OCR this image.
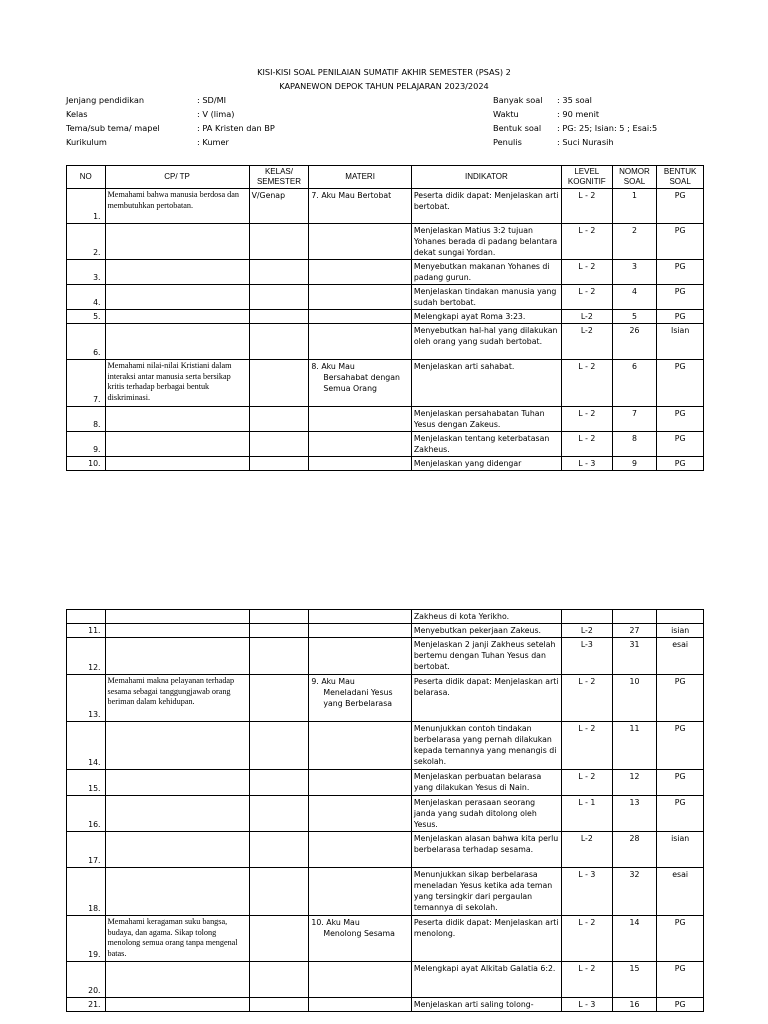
KISI-KISI SOAL PENILAIAN SUMATIF AKHIR SEMESTER (PSAS) 2
KAPANEWON DEPOK TAHUN PELAJARAN 2023/2024
Jenjang pendidikan	: SD/MI
Kelas	: V (lima)
Tema/sub tema/ mapel	: PA Kristen dan BP
Kurikulum	: Kumer
Banyak soal : 35 soal
Waktu	: 90 menit
Bentuk soal : PG: 25; Isian: 5 ; Esai:5
Penulis	: Suci Nurasih
NO	CP/ TP	KELAS/ SEMESTER	MATERI	INDIKATOR	LEVEL KOGNITIF	NOMOR SOAL	BENTUK SOAL
1.	Memahami bahwa manusia berdosa dan membutuhkan pertobatan.	V/Genap	7. Aku Mau Bertobat	Peserta didik dapat: Menjelaskan arti bertobat.	L - 2	1	PG
2.				Menjelaskan Matius 3:2 tujuan Yohanes berada di padang belantara dekat sungai Yordan.	L - 2	2	PG
3.				Menyebutkan makanan Yohanes di padang gurun.	L - 2	3	PG
4.				Menjelaskan tindakan manusia yang sudah bertobat.	L - 2	4	PG
5.				Melengkapi ayat Roma 3:23.	L-2	5	PG
6.				Menyebutkan hal-hal yang dilakukan oleh orang yang sudah bertobat.	L-2	26	Isian
7.	Memahami nilai-nilai Kristiani dalam interaksi antar manusia serta bersikap kritis terhadap berbagai bentuk diskriminasi.		8. Aku Mau
Bersahabat dengan
Semua Orang	Menjelaskan arti sahabat.	L - 2	6	PG
8.				Menjelaskan persahabatan Tuhan Yesus dengan Zakeus.	L - 2	7	PG
9.				Menjelaskan tentang keterbatasan Zakheus.	L - 2	8	PG
10.				Menjelaskan yang didengar	L - 3	9	PG
				Zakheus di kota Yerikho.			
11.				Menyebutkan pekerjaan Zakeus.	L-2	27	isian
12.				Menjelaskan 2 janji Zakheus setelah bertemu dengan Tuhan Yesus dan bertobat.	L-3	31	esai
13.	Memahami makna pelayanan terhadap sesama sebagai tanggungjawab orang beriman dalam kehidupan.		9. Aku Mau
Meneladani Yesus
yang Berbelarasa	Peserta didik dapat: Menjelaskan arti belarasa.	L - 2	10	PG
14.				Menunjukkan contoh tindakan berbelarasa yang pernah dilakukan kepada temannya yang menangis di sekolah.	L - 2	11	PG
15.				Menjelaskan perbuatan belarasa yang dilakukan Yesus di Nain.	L - 2	12	PG
16.				Menjelaskan perasaan seorang janda yang sudah ditolong oleh Yesus.	L - 1	13	PG
17.				Menjelaskan alasan bahwa kita perlu berbelarasa terhadap sesama.	L-2	28	isian
18.				Menunjukkan sikap berbelarasa meneladan Yesus ketika ada teman yang tersingkir dari pergaulan temannya di sekolah.	L - 3	32	esai
19.	Memahami keragaman suku bangsa, budaya, dan agama. Sikap tolong menolong semua orang tanpa mengenal batas.		10. Aku Mau
Menolong Sesama	Peserta didik dapat: Menjelaskan arti menolong.	L - 2	14	PG
20.				Melengkapi ayat Alkitab Galatia 6:2.	L - 2	15	PG
21.				Menjelaskan arti saling tolong-	L - 3	16	PG
